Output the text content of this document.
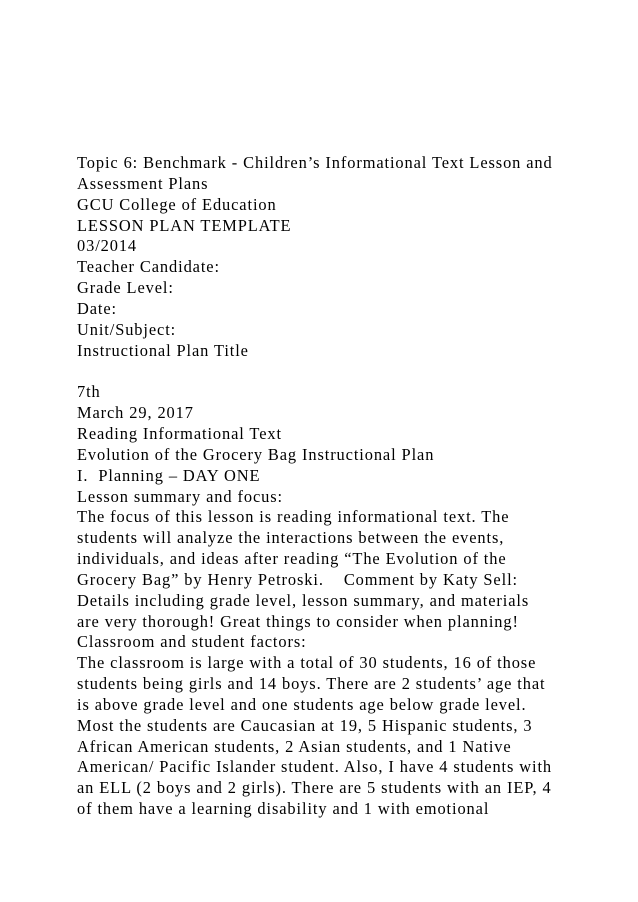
Topic 6: Benchmark - Children’s Informational Text Lesson and
Assessment Plans
GCU College of Education
LESSON PLAN TEMPLATE
03/2014
Teacher Candidate:
Grade Level:
Date:
Unit/Subject:
Instructional Plan Title
7th
March 29, 2017
Reading Informational Text
Evolution of the Grocery Bag Instructional Plan
I.  Planning – DAY ONE
Lesson summary and focus:
The focus of this lesson is reading informational text. The
students will analyze the interactions between the events,
individuals, and ideas after reading “The Evolution of the
Grocery Bag” by Henry Petroski.    Comment by Katy Sell:
Details including grade level, lesson summary, and materials
are very thorough! Great things to consider when planning!
Classroom and student factors:
The classroom is large with a total of 30 students, 16 of those
students being girls and 14 boys. There are 2 students’ age that
is above grade level and one students age below grade level.
Most the students are Caucasian at 19, 5 Hispanic students, 3
African American students, 2 Asian students, and 1 Native
American/ Pacific Islander student. Also, I have 4 students with
an ELL (2 boys and 2 girls). There are 5 students with an IEP, 4
of them have a learning disability and 1 with emotional
